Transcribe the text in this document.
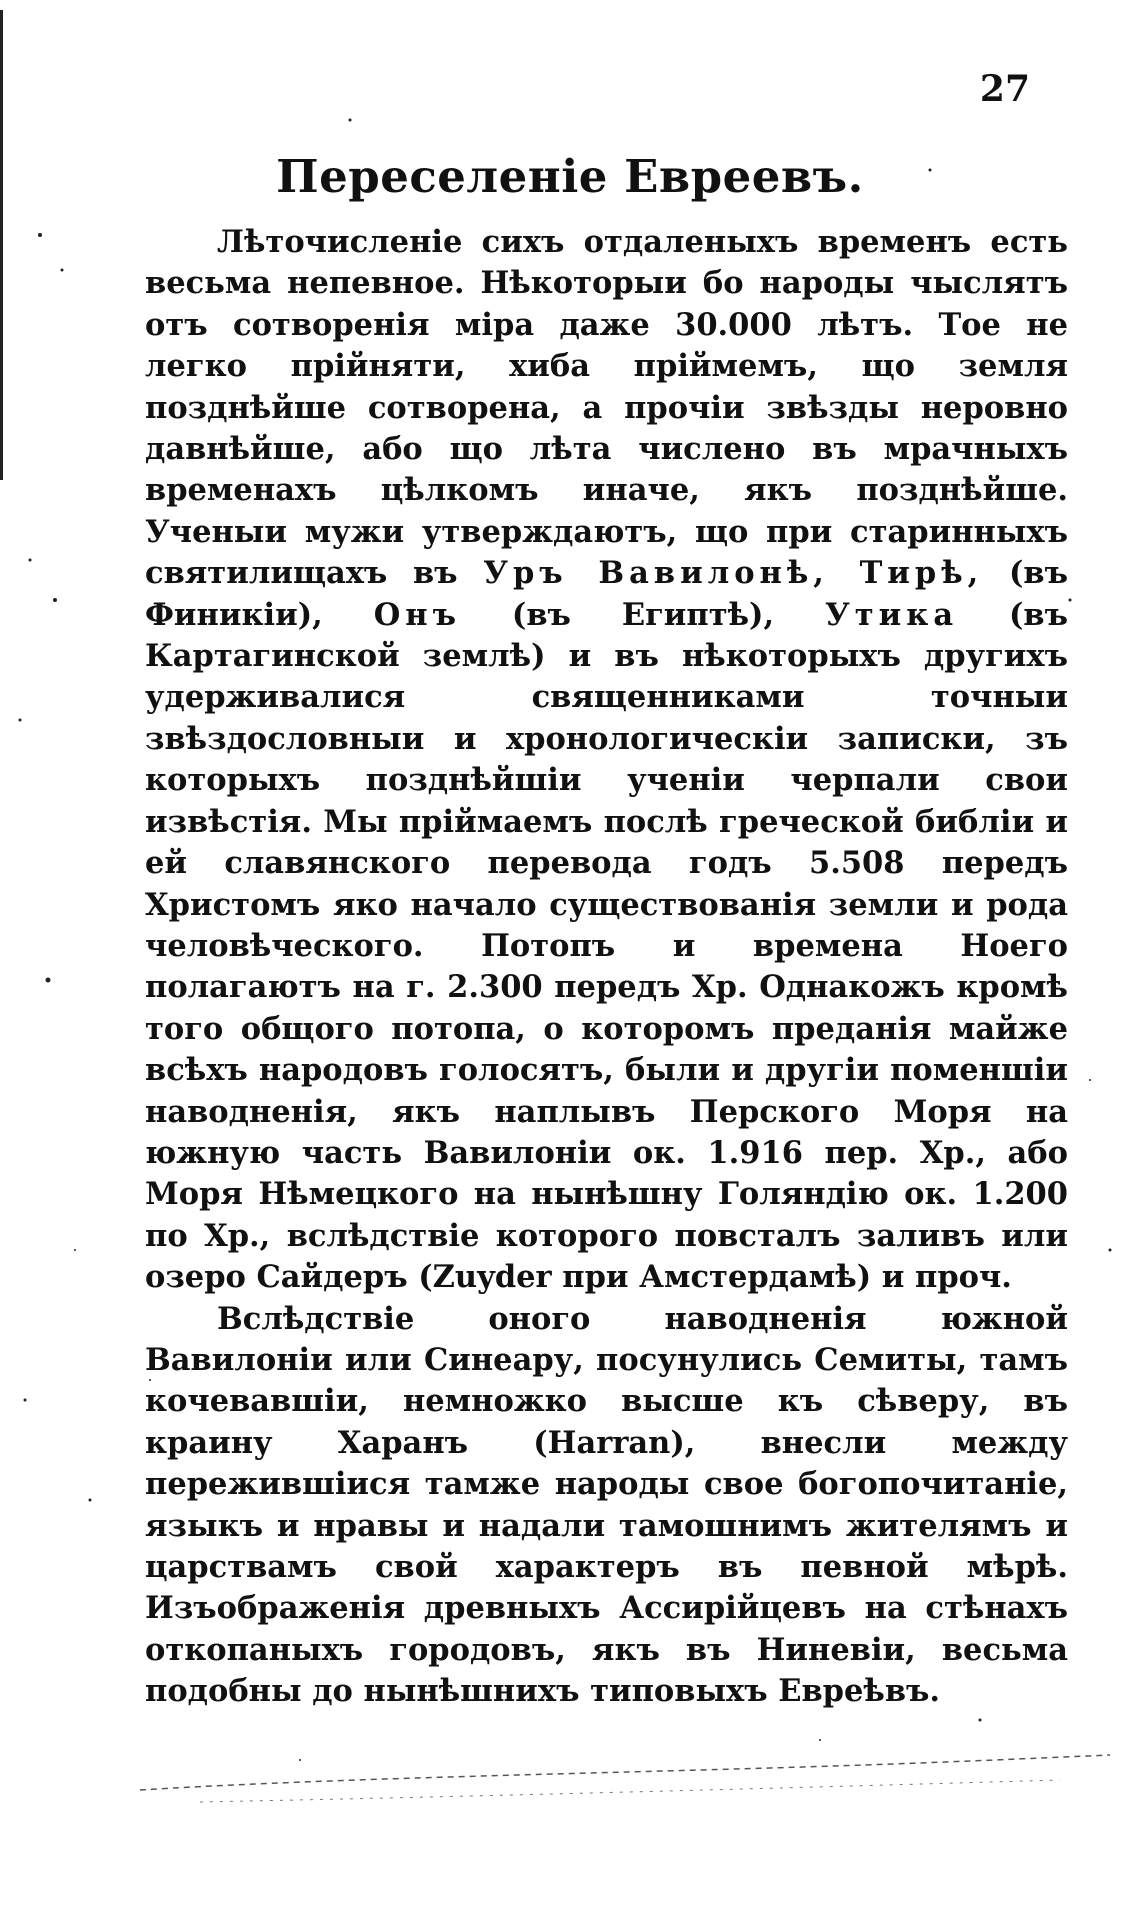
27
Переселеніе Евреевъ.

Лѣточисленіе сихъ отдаленыхъ временъ есть весьма непевное. Нѣкоторыи бо народы чыслятъ отъ сотворенія міра даже 30.000 лѣтъ. Тое не легко прійняти, хиба пріймемъ, що земля позднѣйше сотворена, а прочіи звѣзды неровно давнѣйше, або що лѣта числено въ мрачныхъ временахъ цѣлкомъ иначе, якъ позднѣйше. Ученыи мужи утверждаютъ, що при старинныхъ святилищахъ въ Уръ Вавилонѣ, Тирѣ, (въ Финикіи), Онъ (въ Египтѣ), Утика (въ Картагинской землѣ) и въ нѣкоторыхъ другихъ удерживалися священниками точныи звѣздословныи и хронологическіи записки, зъ которыхъ позднѣйшіи ученіи черпали свои извѣстія. Мы пріймаемъ послѣ греческой библіи и ей славянского перевода годъ 5.508 передъ Христомъ яко начало существованія земли и рода человѣческого. Потопъ и времена Ноего полагаютъ на г. 2.300 передъ Хр. Однакожъ кромѣ того общого потопа, о которомъ преданія майже всѣхъ народовъ голосятъ, были и другіи поменшіи наводненія, якъ наплывъ Перского Моря на южную часть Вавилоніи ок. 1.916 пер. Хр., або Моря Нѣмецкого на нынѣшну Голяндію ок. 1.200 по Хр., вслѣдствіе которого повсталъ заливъ или озеро Сайдеръ (Zuyder при Амстердамѣ) и проч.

Вслѣдствіе оного наводненія южной Вавилоніи или Синеару, посунулись Семиты, тамъ кочевавшіи, немножко высше къ сѣверу, въ краину Харанъ (Harran), внесли между пережившіися тамже народы свое богопочитаніе, языкъ и нравы и надали тамошнимъ жителямъ и царствамъ свой характеръ въ певной мѣрѣ. Изъображенія древныхъ Ассирійцевъ на стѣнахъ откопаныхъ городовъ, якъ въ Ниневіи, весьма подобны до нынѣшнихъ типовыхъ Евреѣвъ.
